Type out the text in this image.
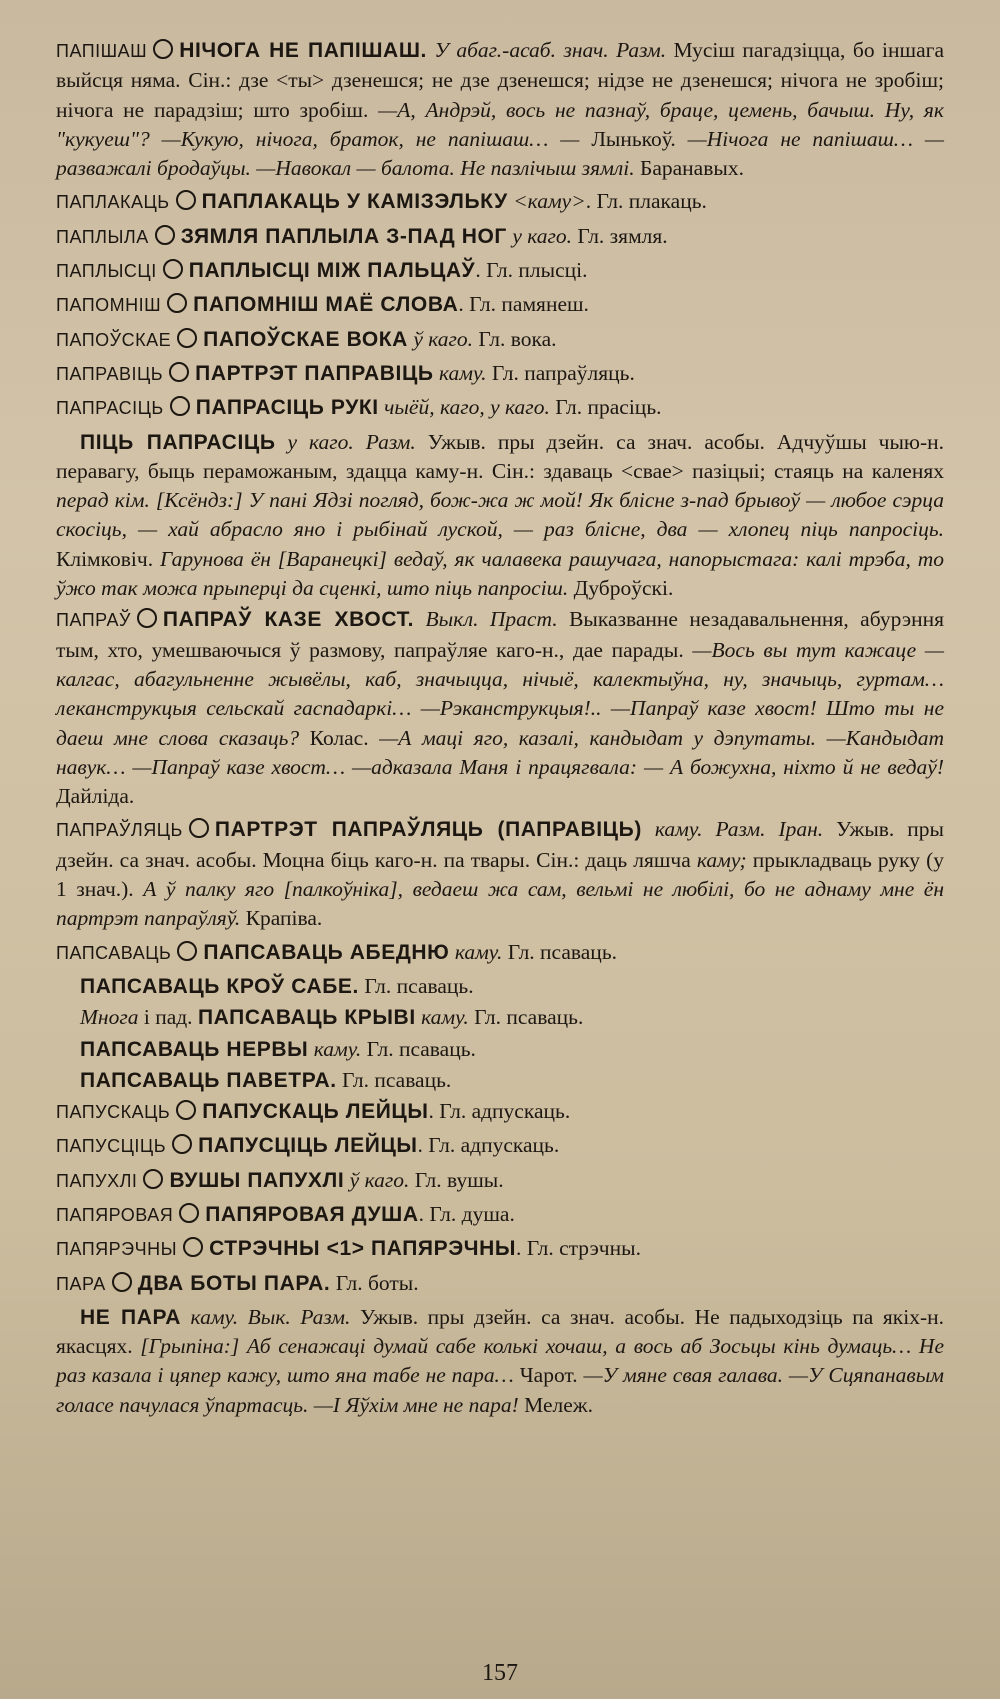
ПАПІШАШ НІЧОГА НЕ ПАПІШАШ. У абаг.-асаб. знач. Разм. Мусіш пагадзіцца, бо іншага выйсця няма. Сін.: дзе <ты> дзенешся; не дзе дзенешся; нідзе не дзенешся; нічога не зробіш; нічога не парадзіш; што зробіш. —А, Андрэй, вось не пазнаў, браце, цемень, бачыш. Ну, як "кукуеш"? —Кукую, нічога, браток, не папішаш… — Лынькоў. —Нічога не папішаш… — разважалі бродаўцы. —Навокал — балота. Не пазлічыш зямлі. Баранавых.

ПАПЛАКАЦЬ ПАПЛАКАЦЬ У КАМІЗЭЛЬКУ <каму>. Гл. плакаць.

ПАПЛЫЛА ЗЯМЛЯ ПАПЛЫЛА З-ПАД НОГ у каго. Гл. зямля.

ПАПЛЫСЦІ ПАПЛЫСЦІ МІЖ ПАЛЬЦАЎ. Гл. плысці.

ПАПОМНІШ ПАПОМНІШ МАЁ СЛОВА. Гл. памянеш.

ПАПОЎСКАЕ ПАПОЎСКАЕ ВОКА ў каго. Гл. вока.

ПАПРАВІЦЬ ПАРТРЭТ ПАПРАВІЦЬ каму. Гл. папраўляць.

ПАПРАСІЦЬ ПАПРАСІЦЬ РУКІ чыёй, каго, у каго. Гл. прасіць.

ПІЦЬ ПАПРАСІЦЬ у каго. Разм. Ужыв. пры дзейн. са знач. асобы. Адчуўшы чыю-н. перавагу, быць пераможаным, здацца каму-н. Сін.: здаваць <свае> пазіцыі; стаяць на каленях перад кім. [Ксёндз:] У пані Ядзі погляд, бож-жа ж мой! Як блісне з-пад брывоў — любое сэрца скосіць, — хай абрасло яно і рыбінай луской, — раз блісне, два — хлопец піць папросіць. Клімковіч. Гарунова ён [Варанецкі] ведаў, як чалавека рашучага, напорыстага: калі трэба, то ўжо так можа прыперці да сценкі, што піць папросіш. Дуброўскі.

ПАПРАЎ ПАПРАЎ КАЗЕ ХВОСТ. Выкл. Праст. Выказванне незадавальнення, абурэння тым, хто, умешваючыся ў размову, папраўляе каго-н., дае парады. —Вось вы тут кажаце — калгас, абагульненне жывёлы, каб, значыцца, нічыё, калектыўна, ну, значыць, гуртам… леканструкцыя сельскай гаспадаркі… —Рэканструкцыя!.. —Папраў казе хвост! Што ты не даеш мне слова сказаць? Колас. —А маці яго, казалі, кандыдат у дэпутаты. —Кандыдат навук… —Папраў казе хвост… —адказала Маня і працягвала: — А божухна, ніхто й не ведаў! Дайліда.

ПАПРАЎЛЯЦЬ ПАРТРЭТ ПАПРАЎЛЯЦЬ (ПАПРАВІЦЬ) каму. Разм. Іран. Ужыв. пры дзейн. са знач. асобы. Моцна біць каго-н. па твары. Сін.: даць ляшча каму; прыкладваць руку (у 1 знач.). А ў палку яго [палкоўніка], ведаеш жа сам, вельмі не любілі, бо не аднаму мне ён партрэт папраўляў. Крапіва.

ПАПСАВАЦЬ ПАПСАВАЦЬ АБЕДНЮ каму. Гл. псаваць.

ПАПСАВАЦЬ КРОЎ САБЕ. Гл. псаваць.

Многа і пад. ПАПСАВАЦЬ КРЫВІ каму. Гл. псаваць.

ПАПСАВАЦЬ НЕРВЫ каму. Гл. псаваць.

ПАПСАВАЦЬ ПАВЕТРА. Гл. псаваць.

ПАПУСКАЦЬ ПАПУСКАЦЬ ЛЕЙЦЫ. Гл. адпускаць.

ПАПУСЦІЦЬ ПАПУСЦІЦЬ ЛЕЙЦЫ. Гл. адпускаць.

ПАПУХЛІ ВУШЫ ПАПУХЛІ ў каго. Гл. вушы.

ПАПЯРОВАЯ ПАПЯРОВАЯ ДУША. Гл. душа.

ПАПЯРЭЧНЫ СТРЭЧНЫ <1> ПАПЯРЭЧНЫ. Гл. стрэчны.

ПАРА ДВА БОТЫ ПАРА. Гл. боты.

НЕ ПАРА каму. Вык. Разм. Ужыв. пры дзейн. са знач. асобы. Не падыходзіць па якіх-н. якасцях. [Грыпіна:] Аб сенажаці думай сабе колькі хочаш, а вось аб Зосьцы кінь думаць… Не раз казала і цяпер кажу, што яна табе не пара… Чарот. —У мяне свая галава. —У Сцяпанавым голасе пачулася ўпартасць. —І Яўхім мне не пара! Мележ.

157
